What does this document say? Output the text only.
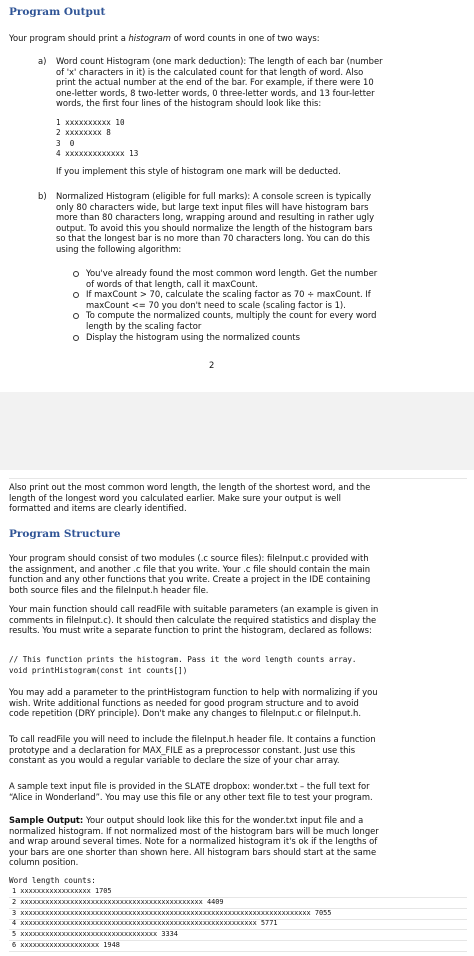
Program Output
Your program should print a histogram of word counts in one of two ways:
a) Word count Histogram (one mark deduction): The length of each bar (number
of 'x' characters in it) is the calculated count for that length of word. Also
print the actual number at the end of the bar. For example, if there were 10
one-letter words, 8 two-letter words, 0 three-letter words, and 13 four-letter
words, the first four lines of the histogram should look like this:
1 xxxxxxxxxx 10
2 xxxxxxxx 8
3  0
4 xxxxxxxxxxxxx 13
If you implement this style of histogram one mark will be deducted.
b) Normalized Histogram (eligible for full marks): A console screen is typically
only 80 characters wide, but large text input files will have histogram bars
more than 80 characters long, wrapping around and resulting in rather ugly
output. To avoid this you should normalize the length of the histogram bars
so that the longest bar is no more than 70 characters long. You can do this
using the following algorithm:
You've already found the most common word length. Get the number
of words of that length, call it maxCount.
If maxCount > 70, calculate the scaling factor as 70 ÷ maxCount. If
maxCount <= 70 you don't need to scale (scaling factor is 1).
To compute the normalized counts, multiply the count for every word
length by the scaling factor
Display the histogram using the normalized counts
2
Also print out the most common word length, the length of the shortest word, and the
length of the longest word you calculated earlier. Make sure your output is well
formatted and items are clearly identified.
Program Structure
Your program should consist of two modules (.c source files): fileInput.c provided with
the assignment, and another .c file that you write. Your .c file should contain the main
function and any other functions that you write. Create a project in the IDE containing
both source files and the fileInput.h header file.
Your main function should call readFile with suitable parameters (an example is given in
comments in fileInput.c). It should then calculate the required statistics and display the
results. You must write a separate function to print the histogram, declared as follows:
// This function prints the histogram. Pass it the word length counts array.
void printHistogram(const int counts[])
You may add a parameter to the printHistogram function to help with normalizing if you
wish. Write additional functions as needed for good program structure and to avoid
code repetition (DRY principle). Don't make any changes to fileInput.c or fileInput.h.
To call readFile you will need to include the fileInput.h header file. It contains a function
prototype and a declaration for MAX_FILE as a preprocessor constant. Just use this
constant as you would a regular variable to declare the size of your char array.
A sample text input file is provided in the SLATE dropbox: wonder.txt – the full text for
“Alice in Wonderland”. You may use this file or any other text file to test your program.
Sample Output: Your output should look like this for the wonder.txt input file and a
normalized histogram. If not normalized most of the histogram bars will be much longer
and wrap around several times. Note for a normalized histogram it's ok if the lengths of
your bars are one shorter than shown here. All histogram bars should start at the same
column position.
Word length counts:
1 xxxxxxxxxxxxxxxxx 1705
2 xxxxxxxxxxxxxxxxxxxxxxxxxxxxxxxxxxxxxxxxxxxx 4409
3 xxxxxxxxxxxxxxxxxxxxxxxxxxxxxxxxxxxxxxxxxxxxxxxxxxxxxxxxxxxxxxxxxxxxxx 7055
4 xxxxxxxxxxxxxxxxxxxxxxxxxxxxxxxxxxxxxxxxxxxxxxxxxxxxxxxxx 5771
5 xxxxxxxxxxxxxxxxxxxxxxxxxxxxxxxxx 3334
6 xxxxxxxxxxxxxxxxxxx 1948
